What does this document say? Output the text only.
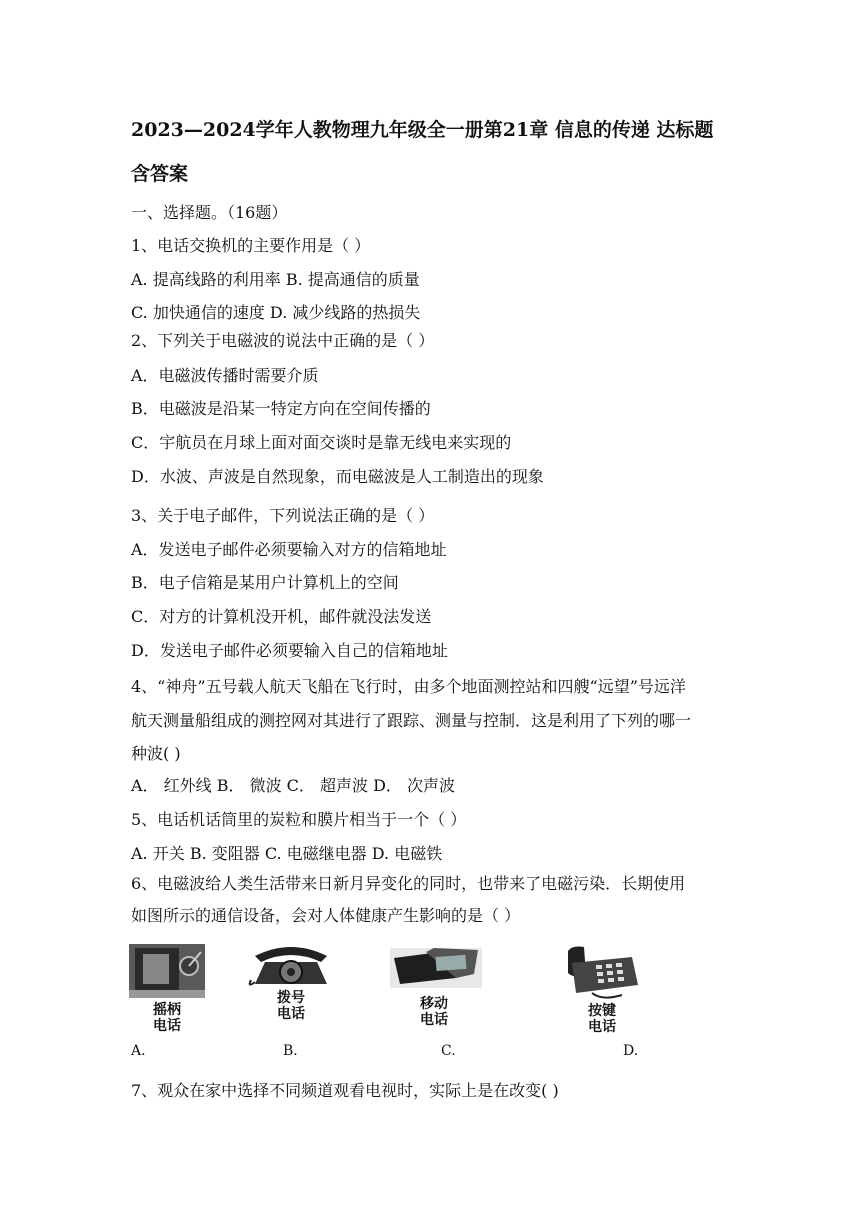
2023—2024学年人教物理九年级全一册第21章 信息的传递 达标题
含答案
一、选择题。（16题）
1、电话交换机的主要作用是（ ）
A. 提高线路的利用率 B. 提高通信的质量
C. 加快通信的速度 D. 减少线路的热损失
2、下列关于电磁波的说法中正确的是（ ）
A．电磁波传播时需要介质
B．电磁波是沿某一特定方向在空间传播的
C．宇航员在月球上面对面交谈时是靠无线电来实现的
D．水波、声波是自然现象，而电磁波是人工制造出的现象
3、关于电子邮件，下列说法正确的是（ ）
A．发送电子邮件必须要输入对方的信箱地址
B．电子信箱是某用户计算机上的空间
C．对方的计算机没开机，邮件就没法发送
D．发送电子邮件必须要输入自己的信箱地址
4、“神舟”五号载人航天飞船在飞行时，由多个地面测控站和四艘“远望”号远洋
航天测量船组成的测控网对其进行了跟踪、测量与控制．这是利用了下列的哪一
种波( )
A． 红外线 B． 微波 C． 超声波 D． 次声波
5、电话机话筒里的炭粒和膜片相当于一个（ ）
A. 开关 B. 变阻器 C. 电磁继电器 D. 电磁铁
6、电磁波给人类生活带来日新月异变化的同时，也带来了电磁污染．长期使用
如图所示的通信设备，会对人体健康产生影响的是（ ）
摇柄
电话
拨号
电话
移动
电话
按键
电话
A.	B.	C.	D.
7、观众在家中选择不同频道观看电视时，实际上是在改变( )
